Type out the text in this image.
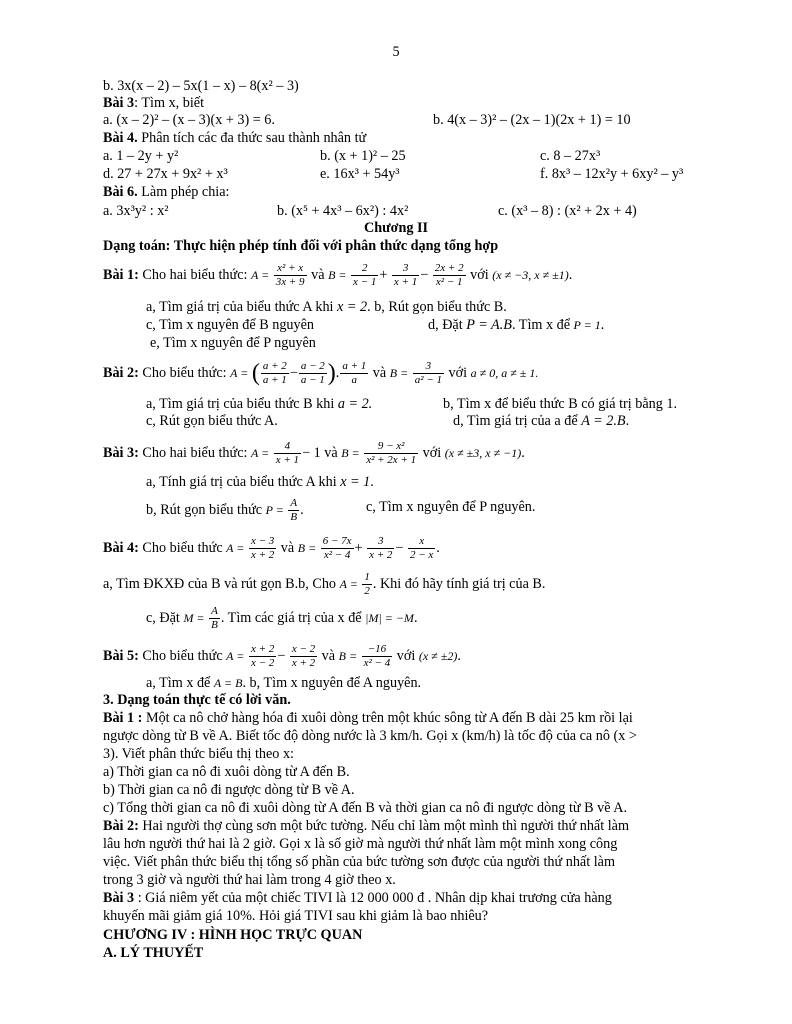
5
b. 3x(x – 2) – 5x(1 – x) – 8(x² – 3)
Bài 3: Tìm x, biết
a. (x – 2)² – (x – 3)(x + 3) = 6.	b. 4(x – 3)² – (2x – 1)(2x + 1) = 10
Bài 4. Phân tích các đa thức sau thành nhân tử
a. 1 – 2y + y²	b. (x + 1)² – 25	c. 8 – 27x³
d. 27 + 27x + 9x² + x³	e. 16x³ + 54y³	f. 8x³ – 12x²y + 6xy² – y³
Bài 6. Làm phép chia:
a. 3x³y² : x²	b. (x⁵ + 4x³ – 6x²) : 4x²	c. (x³ – 8) : (x² + 2x + 4)
Chương II
Dạng toán: Thực hiện phép tính đối với phân thức dạng tổng hợp
Bài 1: Cho hai biểu thức: $A = \frac{\text{x² + x}}{3x + 9}$ và $B = \frac{2}{x - 1} + \frac{3}{x + 1} - \frac{2x + 2}{\text{x² − 1}}$ với (x ≠ −3, x ≠ ±1).
a, Tìm giá trị của biểu thức A khi x = 2. b, Rút gọn biểu thức B.
c, Tìm x nguyên để B nguyên	d, Đặt P = A.B. Tìm x để P = 1.
e, Tìm x nguyên để P nguyên
Bài 2: Cho biểu thức: A = ( $\frac{a + 2}{a + 1} - \frac{a - 2}{a - 1}$ ). $\frac{a + 1}{a}$ và $B = \frac{3}{\text{a² − 1}}$ với a ≠ 0, a ≠ ± 1.
a, Tìm giá trị của biểu thức B khi a = 2.	b, Tìm x để biểu thức B có giá trị bằng 1.
c, Rút gọn biểu thức A.	d, Tìm giá trị của a để A = 2.B.
Bài 3: Cho hai biểu thức: $A = \frac{4}{x + 1} - 1$ và $B = \frac{\text{9 − x²}}{\text{x² + 2x + 1}}$ với (x ≠ ±3, x ≠ −1).
a, Tính giá trị của biểu thức A khi x = 1.
b, Rút gọn biểu thức $P = \frac{A}{B}$ .	c, Tìm x nguyên để P nguyên.
Bài 4: Cho biểu thức $A = \frac{x - 3}{x + 2}$ và $B = \frac{6 - 7x}{\text{x² − 4}} + \frac{3}{x + 2} - \frac{x}{2 - x}$ .
a, Tìm ĐKXĐ của B và rút gọn B.b, Cho $A = \frac{1}{2}$ . Khi đó hãy tính giá trị của B.
c, Đặt $M = \frac{A}{B}$ . Tìm các giá trị của x để |M| = −M.
Bài 5: Cho biểu thức $A = \frac{x + 2}{x - 2} - \frac{x - 2}{x + 2}$ và $B = \frac{-16}{\text{x² − 4}}$ với (x ≠ ±2).
a, Tìm x để A = B. b, Tìm x nguyên để A nguyên.
3. Dạng toán thực tế có lời văn.
Bài 1 : Một ca nô chở hàng hóa đi xuôi dòng trên một khúc sông từ A đến B dài 25 km rồi lại
ngược dòng từ B về A. Biết tốc độ dòng nước là 3 km/h. Gọi x (km/h) là tốc độ của ca nô (x >
3). Viết phân thức biểu thị theo x:
a) Thời gian ca nô đi xuôi dòng từ A đến B.
b) Thời gian ca nô đi ngược dòng từ B về A.
c) Tổng thời gian ca nô đi xuôi dòng từ A đến B và thời gian ca nô đi ngược dòng từ B về A.
Bài 2: Hai người thợ cùng sơn một bức tường. Nếu chỉ làm một mình thì người thứ nhất làm
lâu hơn người thứ hai là 2 giờ. Gọi x là số giờ mà người thứ nhất làm một mình xong công
việc. Viết phân thức biểu thị tổng số phần của bức tường sơn được của người thứ nhất làm
trong 3 giờ và người thứ hai làm trong 4 giờ theo x.
Bài 3 : Giá niêm yết của một chiếc TIVI là 12 000 000 đ . Nhân dịp khai trương cửa hàng
khuyến mãi giảm giá 10%. Hỏi giá TIVI sau khi giảm là bao nhiêu?
CHƯƠNG IV : HÌNH HỌC TRỰC QUAN
A. LÝ THUYẾT
